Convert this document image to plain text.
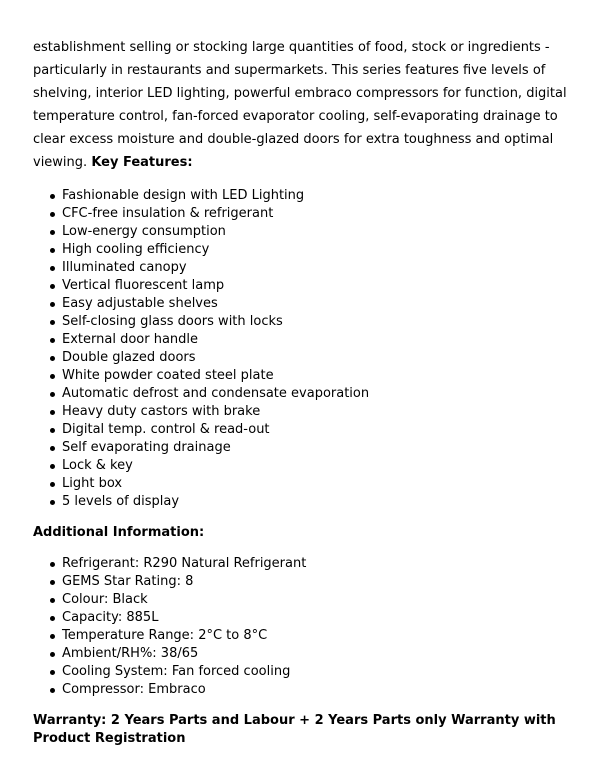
establishment selling or stocking large quantities of food, stock or ingredients - particularly in restaurants and supermarkets. This series features five levels of shelving, interior LED lighting, powerful embraco compressors for function, digital temperature control, fan-forced evaporator cooling, self-evaporating drainage to clear excess moisture and double-glazed doors for extra toughness and optimal viewing. Key Features:

Fashionable design with LED Lighting
CFC-free insulation & refrigerant
Low-energy consumption
High cooling efficiency
Illuminated canopy
Vertical fluorescent lamp
Easy adjustable shelves
Self-closing glass doors with locks
External door handle
Double glazed doors
White powder coated steel plate
Automatic defrost and condensate evaporation
Heavy duty castors with brake
Digital temp. control & read-out
Self evaporating drainage
Lock & key
Light box
5 levels of display

Additional Information:

Refrigerant: R290 Natural Refrigerant
GEMS Star Rating: 8
Colour: Black
Capacity: 885L
Temperature Range: 2°C to 8°C
Ambient/RH%: 38/65
Cooling System: Fan forced cooling
Compressor: Embraco

Warranty: 2 Years Parts and Labour + 2 Years Parts only Warranty with Product Registration
